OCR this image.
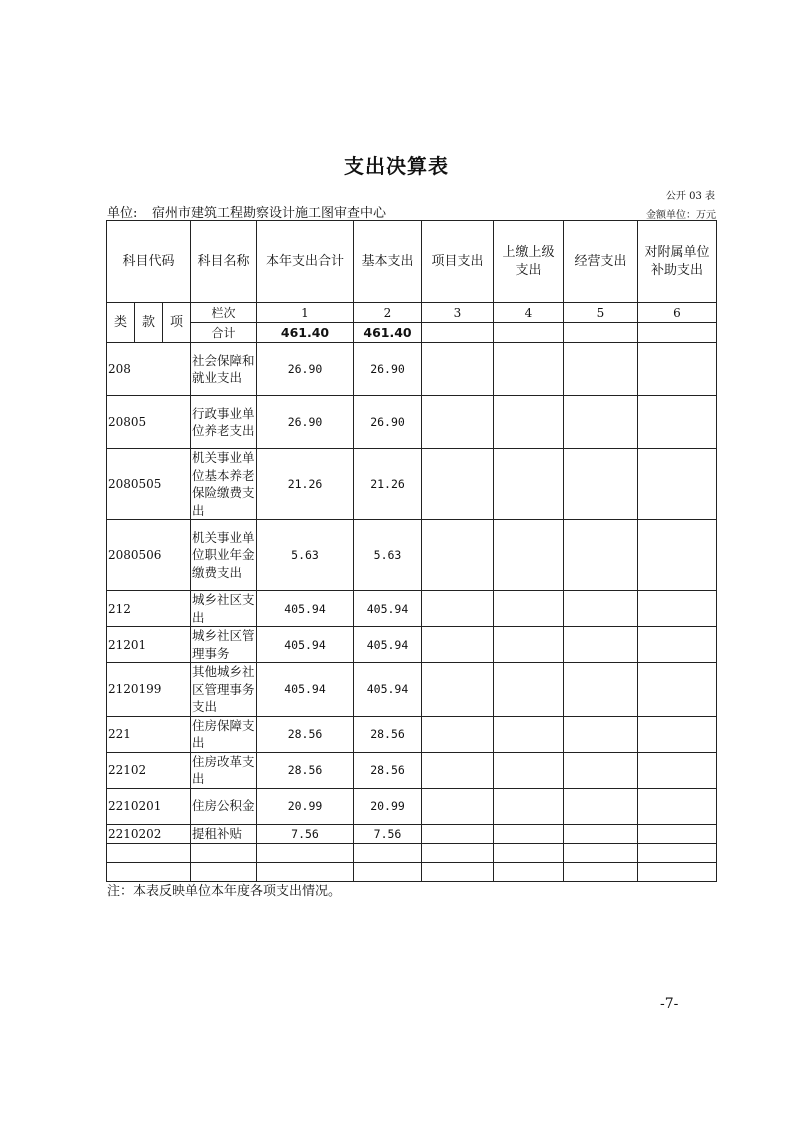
支出决算表
公开 03 表
单位: 宿州市建筑工程勘察设计施工图审查中心	金额单位：万元
科目代码			科目名称	本年支出合计	基本支出	项目支出	上缴上级支出	经营支出	对附属单位补助支出
类	款	项	栏次	1	2	3	4	5	6
			合计	461.40	461.40				
208			社会保障和就业支出	26.90	26.90				
20805			行政事业单位养老支出	26.90	26.90				
2080505			机关事业单位基本养老保险缴费支出	21.26	21.26				
2080506			机关事业单位职业年金缴费支出	5.63	5.63				
212			城乡社区支出	405.94	405.94				
21201			城乡社区管理事务	405.94	405.94				
2120199			其他城乡社区管理事务支出	405.94	405.94				
221			住房保障支出	28.56	28.56				
22102			住房改革支出	28.56	28.56				
2210201			住房公积金	20.99	20.99				
2210202			提租补贴	7.56	7.56				

注：本表反映单位本年度各项支出情况。
-7-
